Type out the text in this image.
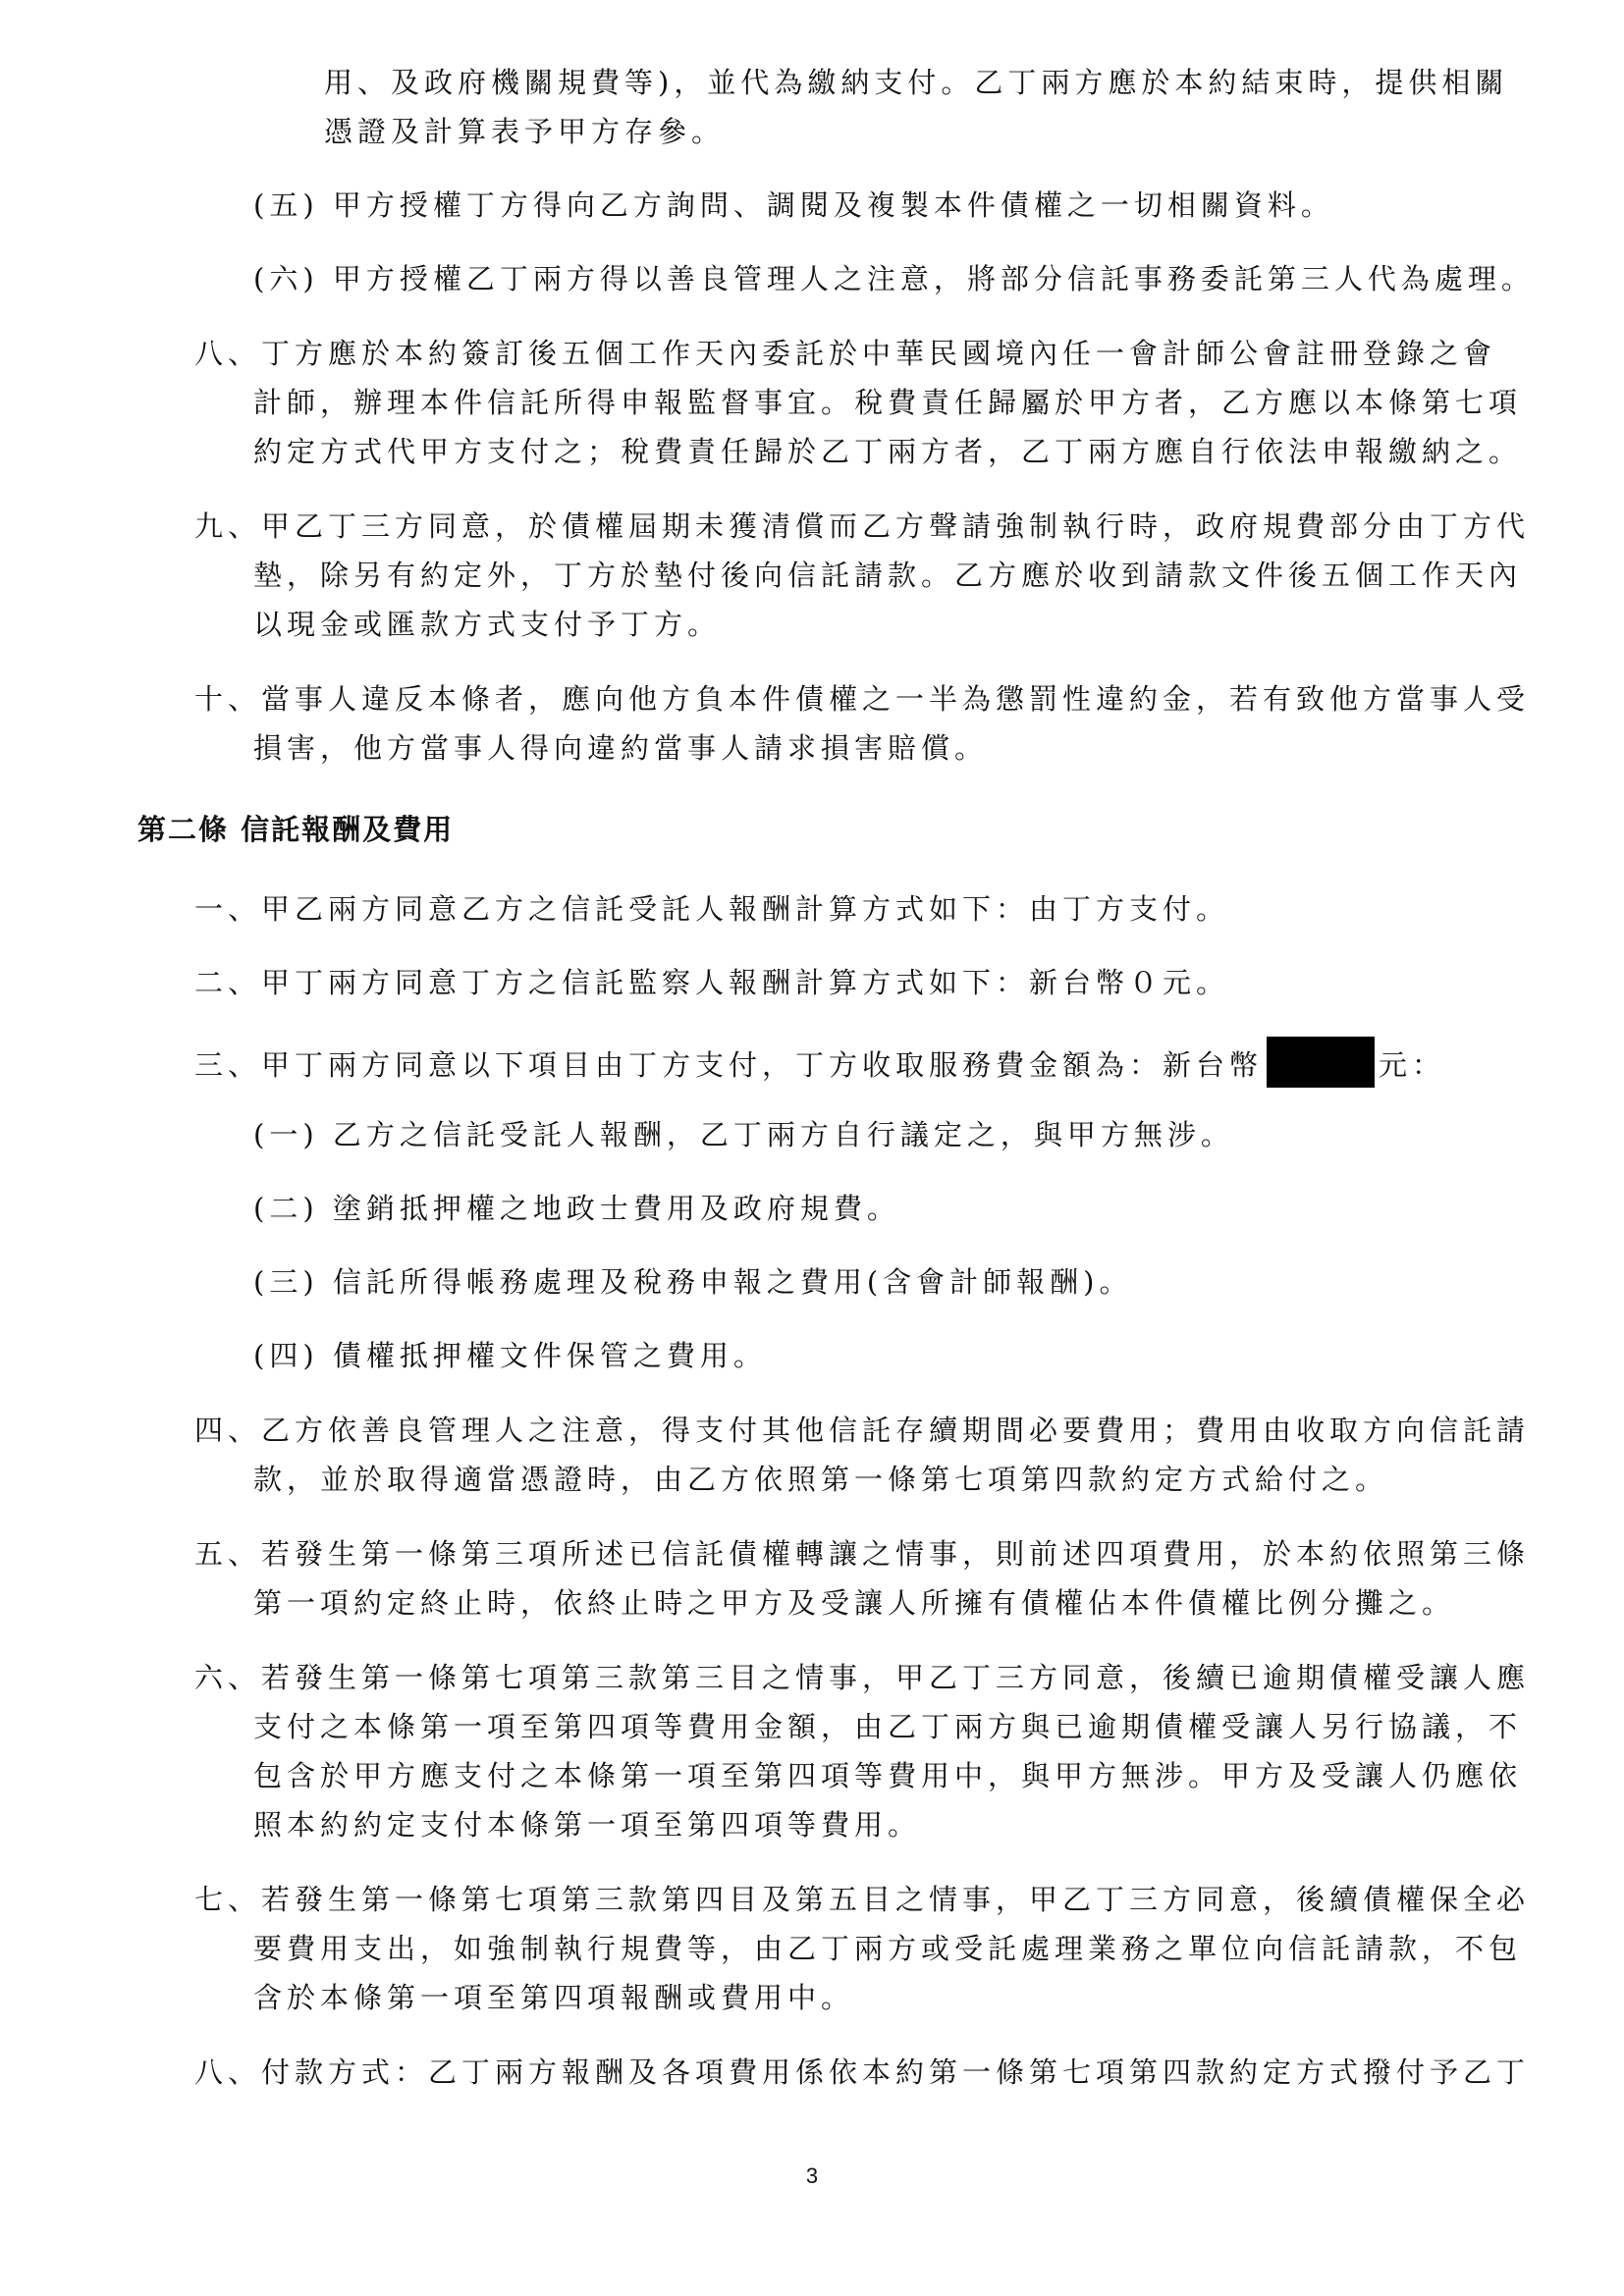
用、及政府機關規費等)，並代為繳納支付。乙丁兩方應於本約結束時，提供相關
憑證及計算表予甲方存參。
(五) 甲方授權丁方得向乙方詢問、調閱及複製本件債權之一切相關資料。
(六) 甲方授權乙丁兩方得以善良管理人之注意，將部分信託事務委託第三人代為處理。
八、丁方應於本約簽訂後五個工作天內委託於中華民國境內任一會計師公會註冊登錄之會
計師，辦理本件信託所得申報監督事宜。稅費責任歸屬於甲方者，乙方應以本條第七項
約定方式代甲方支付之；稅費責任歸於乙丁兩方者，乙丁兩方應自行依法申報繳納之。
九、甲乙丁三方同意，於債權屆期未獲清償而乙方聲請強制執行時，政府規費部分由丁方代
墊，除另有約定外，丁方於墊付後向信託請款。乙方應於收到請款文件後五個工作天內
以現金或匯款方式支付予丁方。
十、當事人違反本條者，應向他方負本件債權之一半為懲罰性違約金，若有致他方當事人受
損害，他方當事人得向違約當事人請求損害賠償。
第二條 信託報酬及費用
一、甲乙兩方同意乙方之信託受託人報酬計算方式如下：由丁方支付。
二、甲丁兩方同意丁方之信託監察人報酬計算方式如下：新台幣０元。
三、甲丁兩方同意以下項目由丁方支付，丁方收取服務費金額為：新台幣	元：
(一) 乙方之信託受託人報酬，乙丁兩方自行議定之，與甲方無涉。
(二) 塗銷抵押權之地政士費用及政府規費。
(三) 信託所得帳務處理及稅務申報之費用(含會計師報酬)。
(四) 債權抵押權文件保管之費用。
四、乙方依善良管理人之注意，得支付其他信託存續期間必要費用；費用由收取方向信託請
款，並於取得適當憑證時，由乙方依照第一條第七項第四款約定方式給付之。
五、若發生第一條第三項所述已信託債權轉讓之情事，則前述四項費用，於本約依照第三條
第一項約定終止時，依終止時之甲方及受讓人所擁有債權佔本件債權比例分攤之。
六、若發生第一條第七項第三款第三目之情事，甲乙丁三方同意，後續已逾期債權受讓人應
支付之本條第一項至第四項等費用金額，由乙丁兩方與已逾期債權受讓人另行協議，不
包含於甲方應支付之本條第一項至第四項等費用中，與甲方無涉。甲方及受讓人仍應依
照本約約定支付本條第一項至第四項等費用。
七、若發生第一條第七項第三款第四目及第五目之情事，甲乙丁三方同意，後續債權保全必
要費用支出，如強制執行規費等，由乙丁兩方或受託處理業務之單位向信託請款，不包
含於本條第一項至第四項報酬或費用中。
八、付款方式：乙丁兩方報酬及各項費用係依本約第一條第七項第四款約定方式撥付予乙丁
3
